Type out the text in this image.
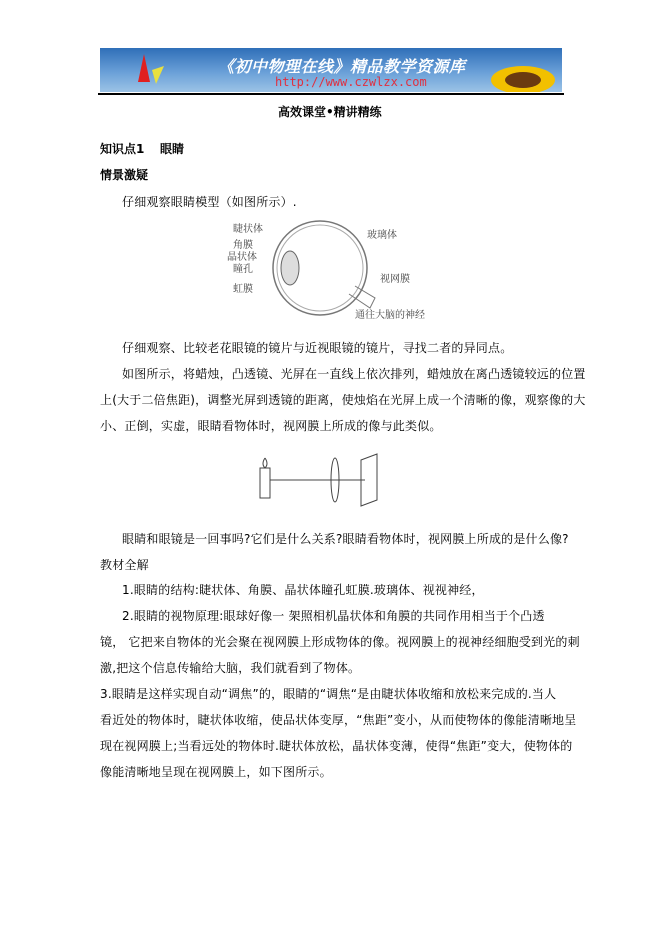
《初中物理在线》精品教学资源库
http://www.czwlzx.com
高效课堂•精讲精练
知识点1 眼睛
情景激疑
仔细观察眼睛模型（如图所示）.
睫状体
角膜
晶状体
瞳孔
虹膜
玻璃体
视网膜
通往大脑的神经
仔细观察、比较老花眼镜的镜片与近视眼镜的镜片，寻找二者的异同点。
如图所示，将蜡烛，凸透镜、光屏在一直线上依次排列，蜡烛放在离凸透镜较远的位置
上(大于二倍焦距)，调整光屏到透镜的距离，使烛焰在光屏上成一个清晰的像，观察像的大
小、正倒，实虚，眼睛看物体时，视网膜上所成的像与此类似。
眼睛和眼镜是一回事吗?它们是什么关系?眼睛看物体时，视网膜上所成的是什么像?
教材全解
1.眼睛的结构:睫状体、角膜、晶状体瞳孔虹膜.玻璃体、视视神经，
2.眼睛的视物原理:眼球好像一 架照相机晶状体和角膜的共同作用相当于个凸透
镜， 它把来自物体的光会聚在视网膜上形成物体的像。视网膜上的视神经细胞受到光的刺
激,把这个信息传输给大脑，我们就看到了物体。
3.眼睛是这样实现自动“调焦”的，眼睛的“调焦“是由睫状体收缩和放松来完成的.当人
看近处的物体时，睫状体收缩，使品状体变厚，“焦距”变小，从而使物体的像能清晰地呈
现在视网膜上;当看远处的物体时.睫状体放松，晶状体变薄，使得“焦距”变大，使物体的
像能清晰地呈现在视网膜上，如下图所示。
